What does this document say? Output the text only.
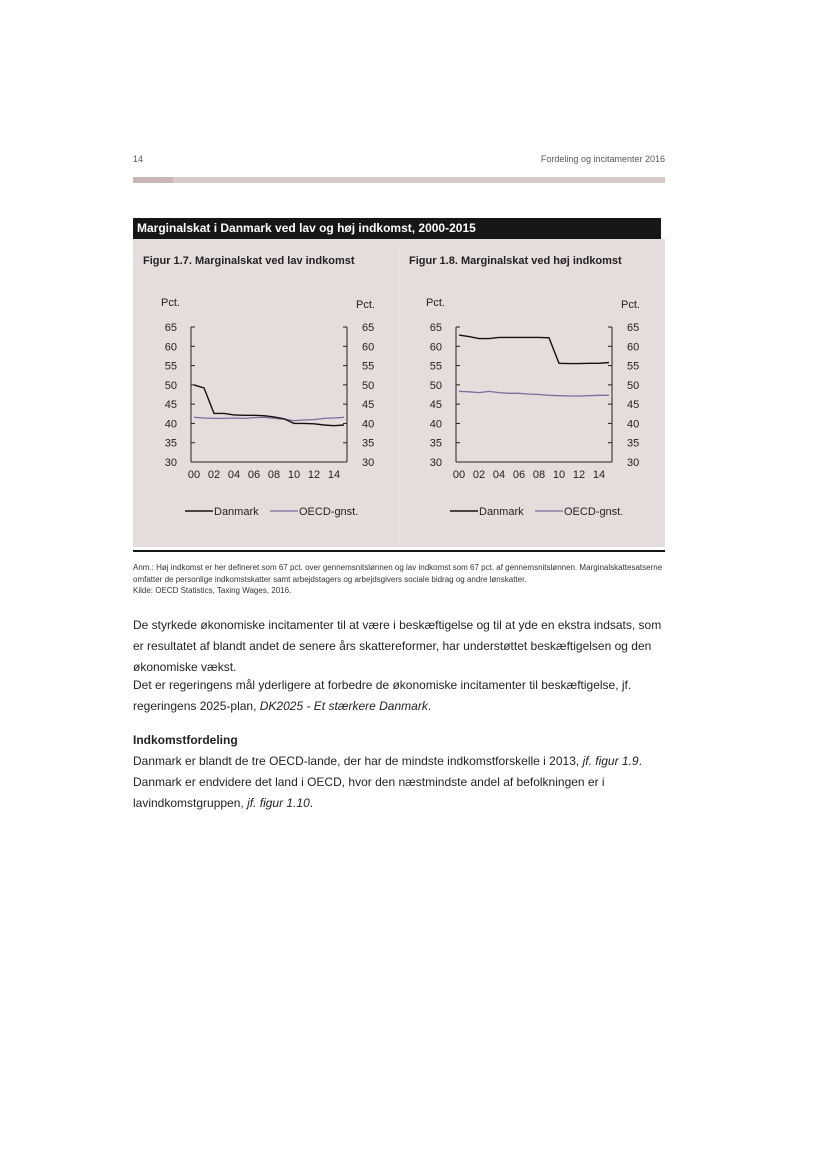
14	Fordeling og incitamenter 2016
Marginalskat i Danmark ved lav og høj indkomst, 2000-2015
Figur 1.7. Marginalskat ved lav indkomst	Figur 1.8. Marginalskat ved høj indkomst
Pct.	Pct.
30	30
35	35
40	40
45	45
50	50
55	55
60	60
65	65
00 02 04 06 08 10 12 14
Danmark	OECD-gnst.
Pct.	Pct.
30	30
35	35
40	40
45	45
50	50
55	55
60	60
65	65
00 02 04 06 08 10 12 14
Danmark	OECD-gnst.

Anm.: Høj indkomst er her defineret som 67 pct. over gennemsnitslønnen og lav indkomst som 67 pct. af gennemsnitslønnen. Marginalskattesatserne omfatter de personlige indkomstskatter samt arbejdstagers og arbejdsgivers sociale bidrag og andre lønskatter.

Kilde: OECD Statistics, Taxing Wages, 2016.

De styrkede økonomiske incitamenter til at være i beskæftigelse og til at yde en ekstra indsats, som er resultatet af blandt andet de senere års skattereformer, har understøttet beskæftigelsen og den økonomiske vækst.

Det er regeringens mål yderligere at forbedre de økonomiske incitamenter til beskæftigelse, jf. regeringens 2025-plan, DK2025 - Et stærkere Danmark.

Indkomstfordeling

Danmark er blandt de tre OECD-lande, der har de mindste indkomstforskelle i 2013, jf. figur 1.9. Danmark er endvidere det land i OECD, hvor den næstmindste andel af befolkningen er i lavindkomstgruppen, jf. figur 1.10.
